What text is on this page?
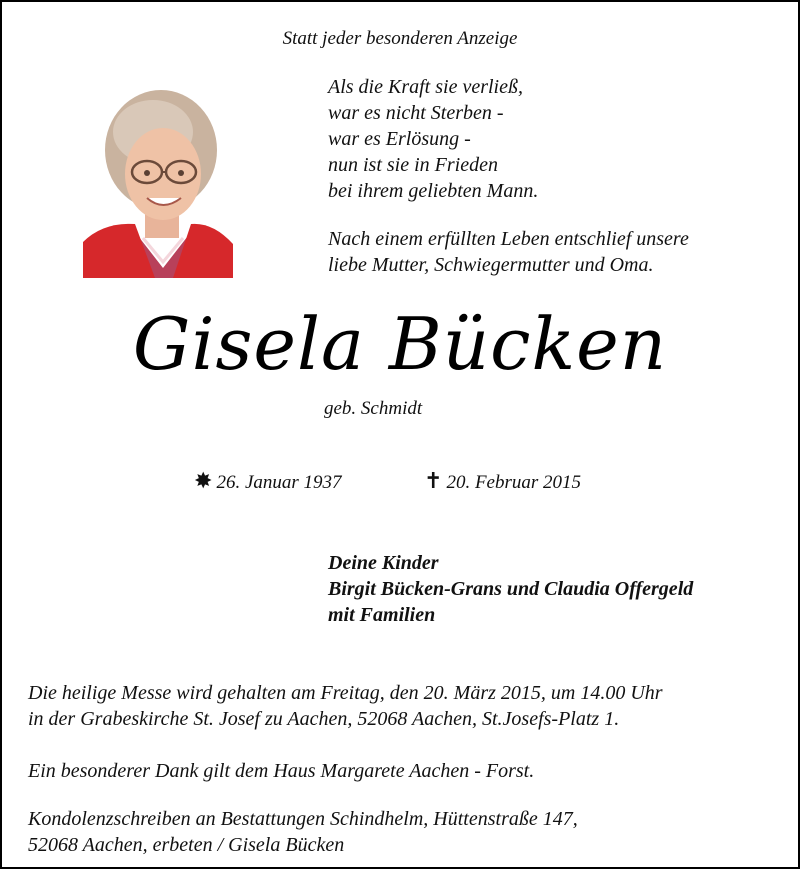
Statt jeder besonderen Anzeige
Als die Kraft sie verließ,
war es nicht Sterben -
war es Erlösung -
nun ist sie in Frieden
bei ihrem geliebten Mann.
Nach einem erfüllten Leben entschlief unsere
liebe Mutter, Schwiegermutter und Oma.
Gisela Bücken
geb. Schmidt
✸ 26. Januar 1937	✝ 20. Februar 2015
Deine Kinder
Birgit Bücken-Grans und Claudia Offergeld
mit Familien
Die heilige Messe wird gehalten am Freitag, den 20. März 2015, um 14.00 Uhr
in der Grabeskirche St. Josef zu Aachen, 52068 Aachen, St.Josefs-Platz 1.
Ein besonderer Dank gilt dem Haus Margarete Aachen - Forst.
Kondolenzschreiben an Bestattungen Schindhelm, Hüttenstraße 147,
52068 Aachen, erbeten / Gisela Bücken
